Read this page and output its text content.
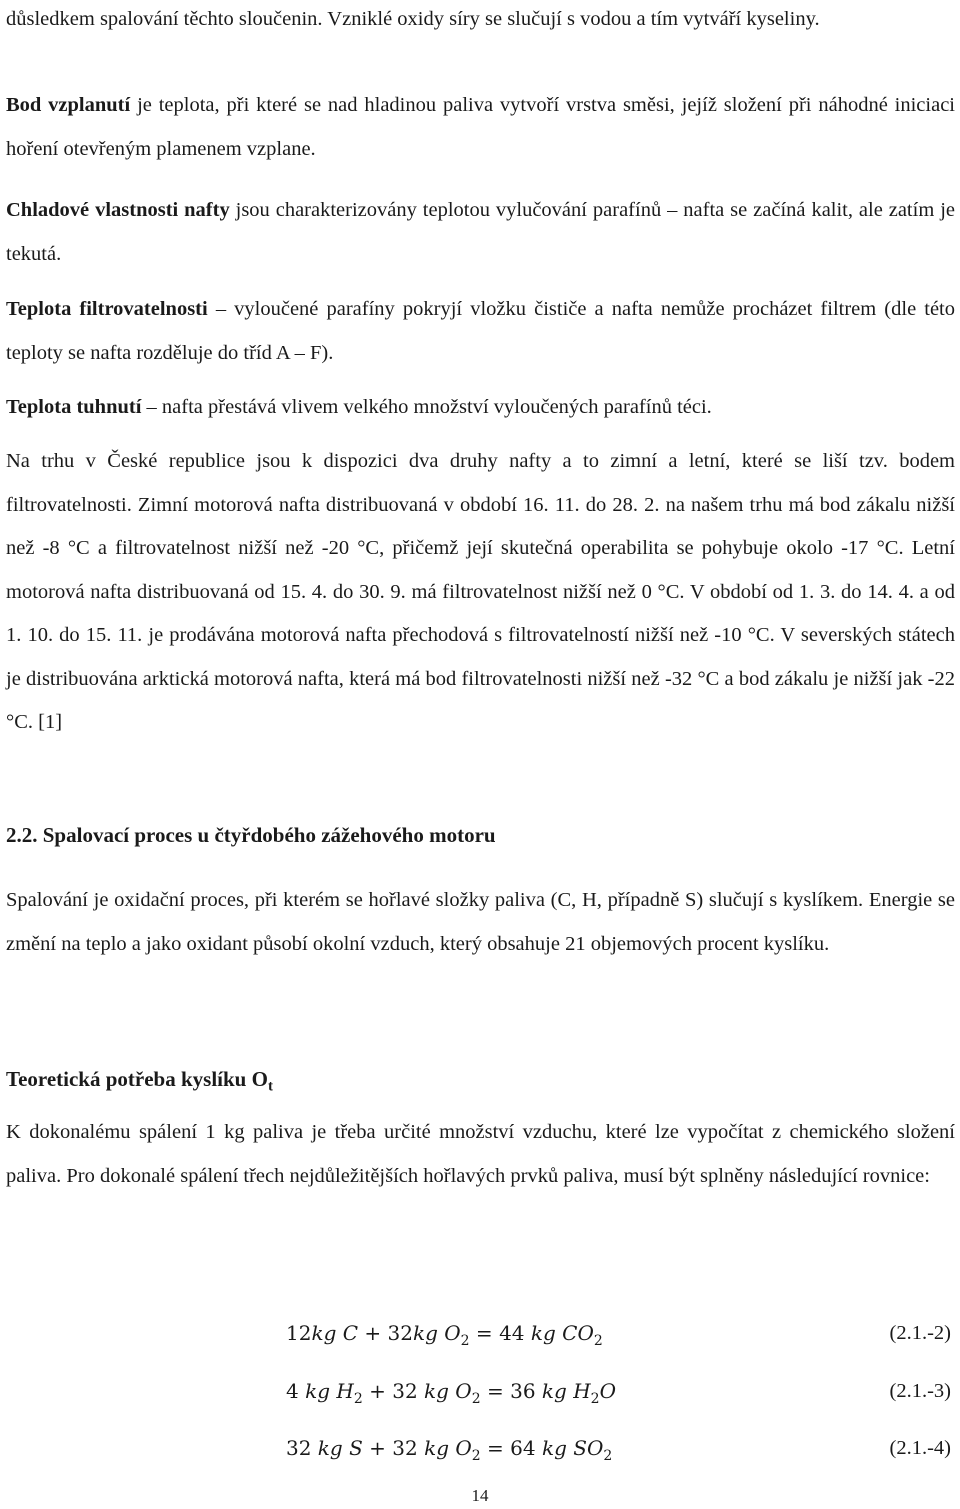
důsledkem spalování těchto sloučenin. Vzniklé oxidy síry se slučují s vodou a tím vytváří kyseliny.

Bod vzplanutí je teplota, při které se nad hladinou paliva vytvoří vrstva směsi, jejíž složení při náhodné iniciaci hoření otevřeným plamenem vzplane.

Chladové vlastnosti nafty jsou charakterizovány teplotou vylučování parafínů – nafta se začíná kalit, ale zatím je tekutá.

Teplota filtrovatelnosti – vyloučené parafíny pokryjí vložku čističe a nafta nemůže procházet filtrem (dle této teploty se nafta rozděluje do tříd A – F).

Teplota tuhnutí – nafta přestává vlivem velkého množství vyloučených parafínů téci.

Na trhu v České republice jsou k dispozici dva druhy nafty a to zimní a letní, které se liší tzv. bodem filtrovatelnosti. Zimní motorová nafta distribuovaná v období 16. 11. do 28. 2. na našem trhu má bod zákalu nižší než -8 °C a filtrovatelnost nižší než -20 °C, přičemž její skutečná operabilita se pohybuje okolo -17 °C. Letní motorová nafta distribuovaná od 15. 4. do 30. 9. má filtrovatelnost nižší než 0 °C. V období od 1. 3. do 14. 4. a od 1. 10. do 15. 11. je prodávána motorová nafta přechodová s filtrovatelností nižší než -10 °C. V severských státech je distribuována arktická motorová nafta, která má bod filtrovatelnosti nižší než -32 °C a bod zákalu je nižší jak -22 °C. [1]

2.2. Spalovací proces u čtyřdobého zážehového motoru

Spalování je oxidační proces, při kterém se hořlavé složky paliva (C, H, případně S) slučují s kyslíkem. Energie se změní na teplo a jako oxidant působí okolní vzduch, který obsahuje 21 objemových procent kyslíku.

Teoretická potřeba kyslíku $O_t$

K dokonalému spálení 1 kg paliva je třeba určité množství vzduchu, které lze vypočítat z chemického složení paliva. Pro dokonalé spálení třech nejdůležitějších hořlavých prvků paliva, musí být splněny následující rovnice:

12kg C + 32kg $O_2 = 44$ kg $CO_2$	(2.1.-2)
4 kg $H_2 + 32$ kg $O_2 = 36$ kg $H_2O$	(2.1.-3)
32 kg S + 32 kg $O_2 = 64$ kg $SO_2$	(2.1.-4)
14
